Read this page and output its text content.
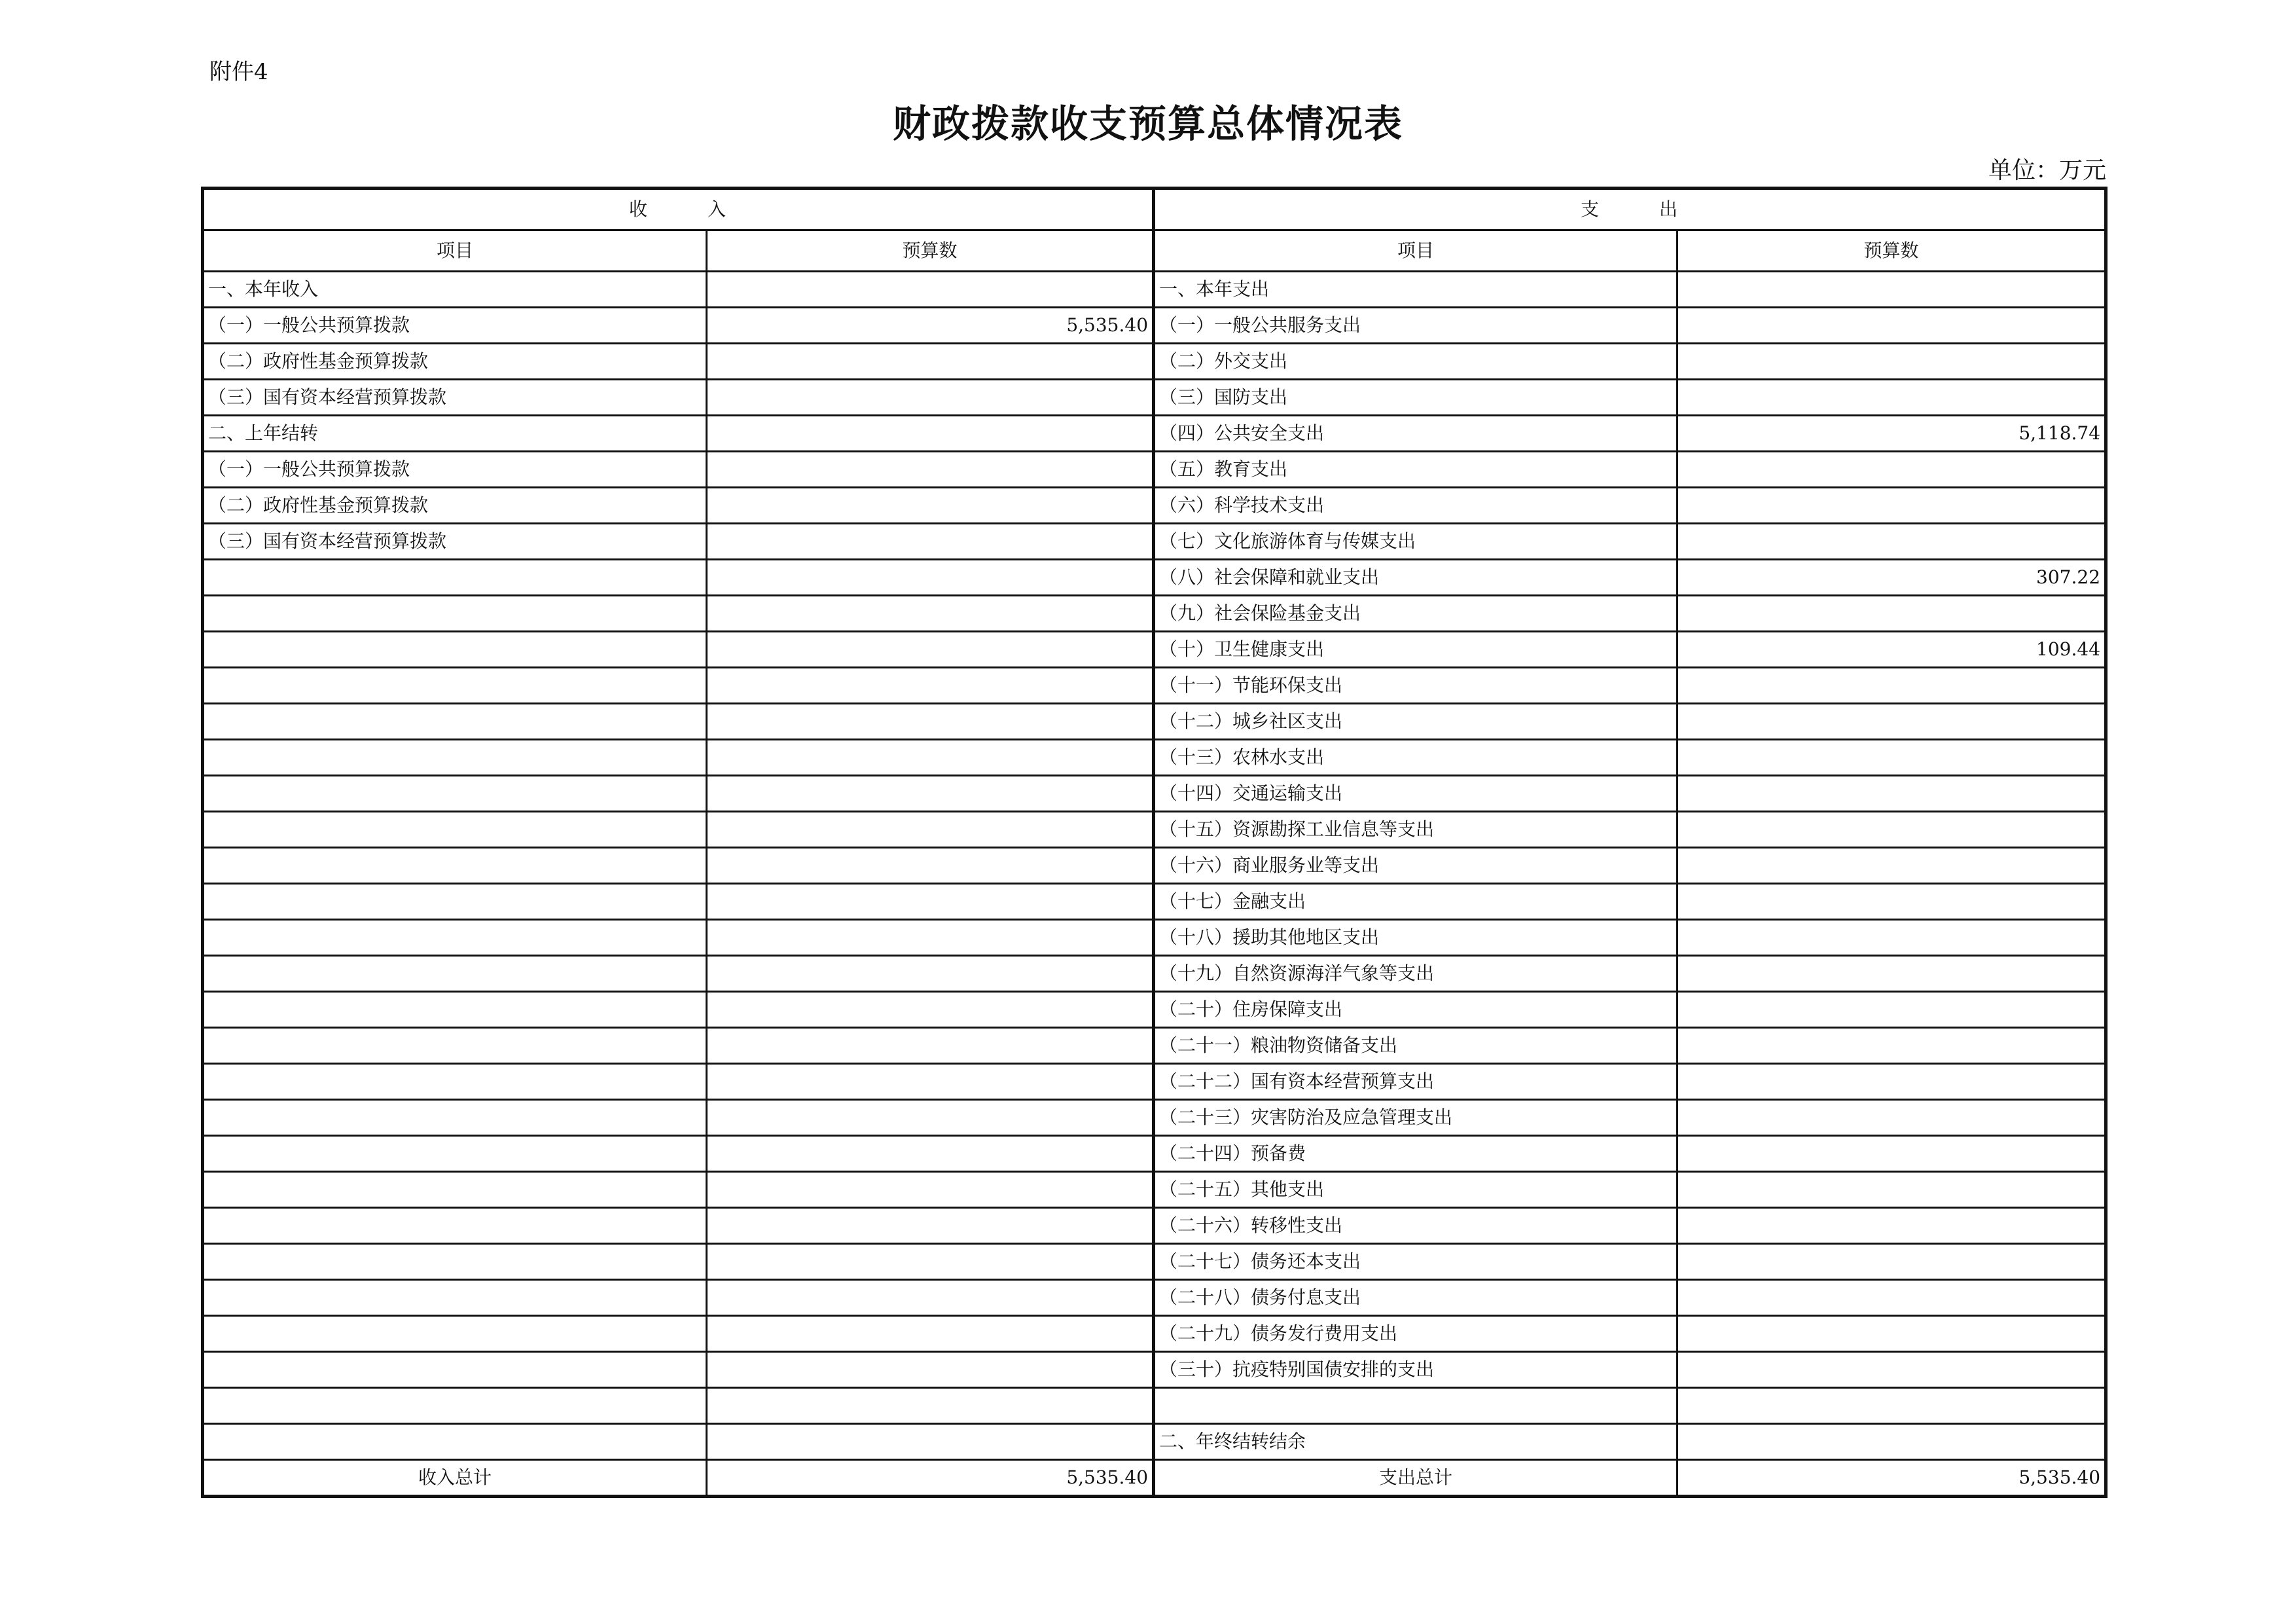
附件4
财政拨款收支预算总体情况表
单位：万元
收　　　入		支　　　出	
项目	预算数	项目	预算数
一、本年收入		一、本年支出	
（一）一般公共预算拨款	5,535.40	（一）一般公共服务支出	
（二）政府性基金预算拨款		（二）外交支出	
（三）国有资本经营预算拨款		（三）国防支出	
二、上年结转		（四）公共安全支出	5,118.74
（一）一般公共预算拨款		（五）教育支出	
（二）政府性基金预算拨款		（六）科学技术支出	
（三）国有资本经营预算拨款		（七）文化旅游体育与传媒支出	
		（八）社会保障和就业支出	307.22
		（九）社会保险基金支出	
		（十）卫生健康支出	109.44
		（十一）节能环保支出	
		（十二）城乡社区支出	
		（十三）农林水支出	
		（十四）交通运输支出	
		（十五）资源勘探工业信息等支出	
		（十六）商业服务业等支出	
		（十七）金融支出	
		（十八）援助其他地区支出	
		（十九）自然资源海洋气象等支出	
		（二十）住房保障支出	
		（二十一）粮油物资储备支出	
		（二十二）国有资本经营预算支出	
		（二十三）灾害防治及应急管理支出	
		（二十四）预备费	
		（二十五）其他支出	
		（二十六）转移性支出	
		（二十七）债务还本支出	
		（二十八）债务付息支出	
		（二十九）债务发行费用支出	
		（三十）抗疫特别国债安排的支出	

		二、年终结转结余	
收入总计	5,535.40	支出总计	5,535.40
